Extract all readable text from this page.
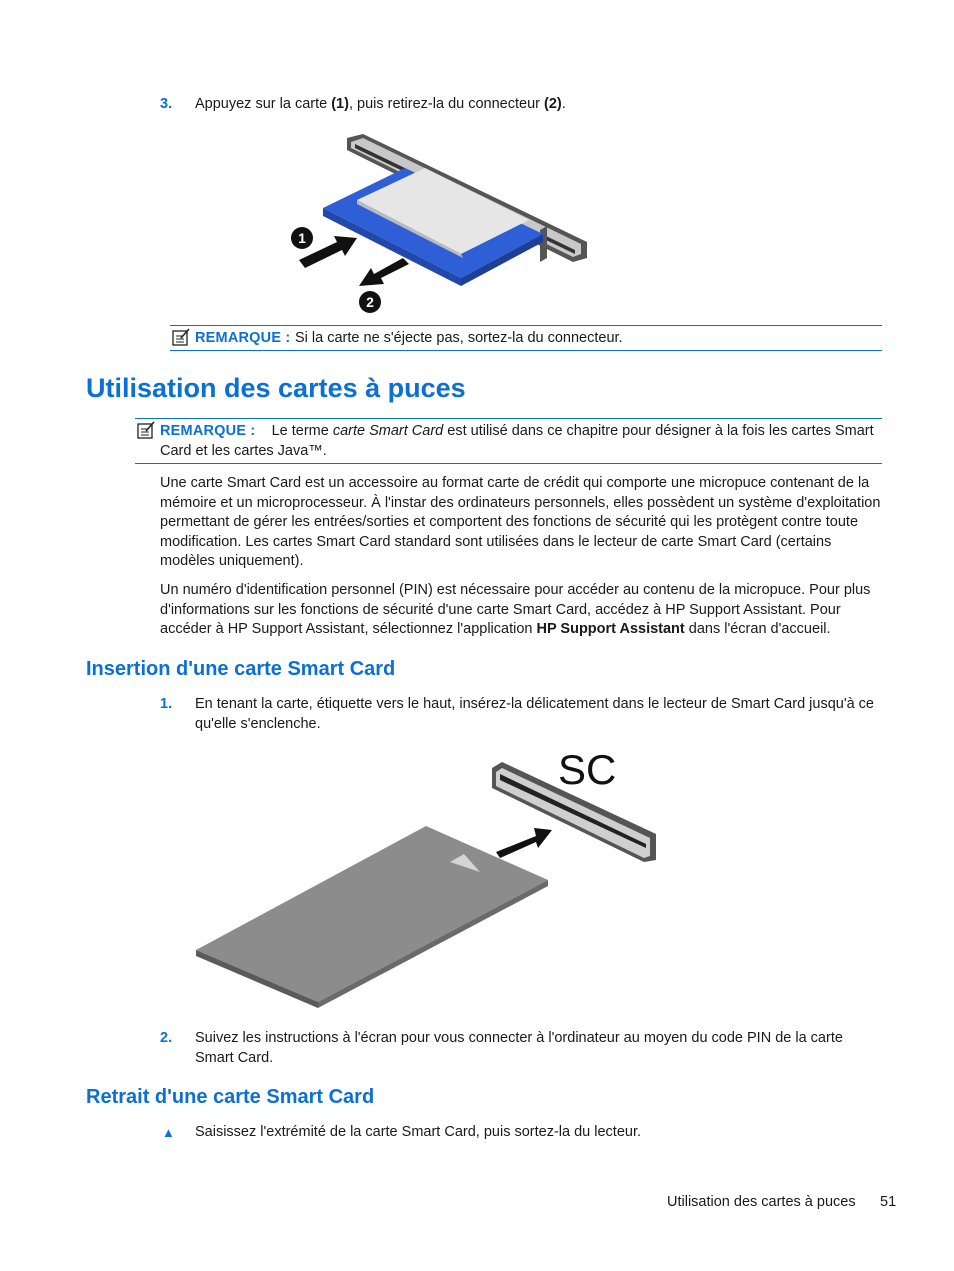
3.	Appuyez sur la carte (1), puis retirez-la du connecteur (2).

1
2
REMARQUE : Si la carte ne s'éjecte pas, sortez-la du connecteur.
Utilisation des cartes à puces

REMARQUE : Le terme carte Smart Card est utilisé dans ce chapitre pour désigner à la fois les cartes Smart Card et les cartes Java™.

Une carte Smart Card est un accessoire au format carte de crédit qui comporte une micropuce contenant de la mémoire et un microprocesseur. À l'instar des ordinateurs personnels, elles possèdent un système d'exploitation permettant de gérer les entrées/sorties et comportent des fonctions de sécurité qui les protègent contre toute modification. Les cartes Smart Card standard sont utilisées dans le lecteur de carte Smart Card (certains modèles uniquement).

Un numéro d'identification personnel (PIN) est nécessaire pour accéder au contenu de la micropuce. Pour plus d'informations sur les fonctions de sécurité d'une carte Smart Card, accédez à HP Support Assistant. Pour accéder à HP Support Assistant, sélectionnez l'application HP Support Assistant dans l'écran d'accueil.

Insertion d'une carte Smart Card
1. En tenant la carte, étiquette vers le haut, insérez-la délicatement dans le lecteur de Smart Card jusqu'à ce qu'elle s'enclenche.

SC
2. Suivez les instructions à l'écran pour vous connecter à l'ordinateur au moyen du code PIN de la carte Smart Card.

Retrait d'une carte Smart Card
▲ Saisissez l'extrémité de la carte Smart Card, puis sortez-la du lecteur.

Utilisation des cartes à puces 51
